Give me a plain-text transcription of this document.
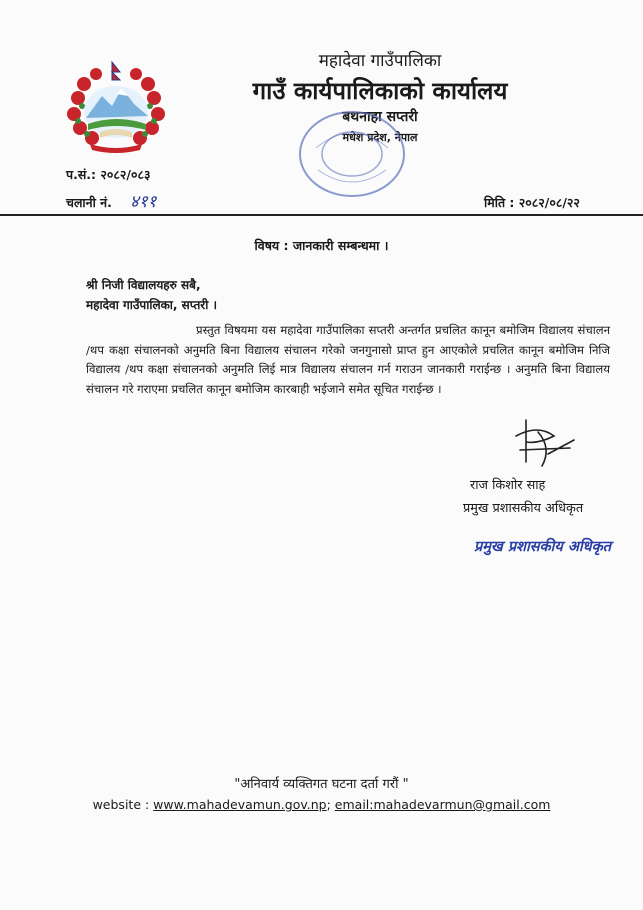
महादेवा गाउँपालिका
गाउँ कार्यपालिकाको कार्यालय
बथनाहा सप्तरी
मधेश प्रदेश, नेपाल
प.सं.: २०८२/०८३
चलानी नं. ४११	मिति : २०८२/०८/२२
विषय : जानकारी सम्बन्धमा ।
श्री निजी विद्यालयहरु सबै,
महादेवा गाउँपालिका, सप्तरी ।
प्रस्तुत विषयमा यस महादेवा गाउँपालिका सप्तरी अन्तर्गत प्रचलित कानून बमोजिम विद्यालय संचालन /थप कक्षा संचालनको अनुमति बिना विद्यालय संचालन गरेको जनगुनासो प्राप्त हुन आएकोले प्रचलित कानून बमोजिम निजि विद्यालय /थप कक्षा संचालनको अनुमति लिई मात्र विद्यालय संचालन गर्न गराउन जानकारी गराईन्छ । अनुमति बिना विद्यालय संचालन गरे गराएमा प्रचलित कानून बमोजिम कारबाही भईजाने समेत सूचित गराईन्छ ।
राज किशोर साह
प्रमुख प्रशासकीय अधिकृत
प्रमुख प्रशासकीय अधिकृत
"अनिवार्य व्यक्तिगत घटना दर्ता गरौं "
website : www.mahadevamun.gov.np; email:mahadevarmun@gmail.com
